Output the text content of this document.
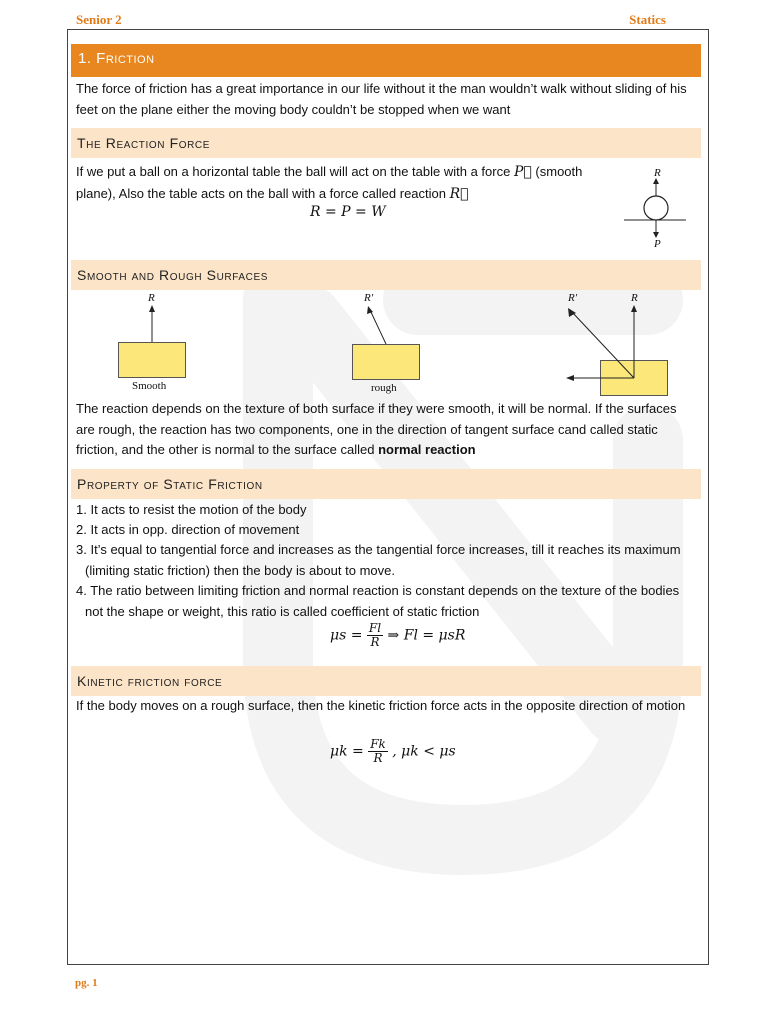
Senior 2	Statics
1. Friction
The force of friction has a great importance in our life without it the man wouldn’t walk without sliding of his feet on the plane either the moving body couldn’t be stopped when we want
The Reaction Force
If we put a ball on a horizontal table the ball will act on the table with a force P⃗ (smooth
plane), Also the table acts on the ball with a force called reaction R⃗
R = P = W
R
P
Smooth and Rough Surfaces
R
Smooth
R′
rough
R′	R
The reaction depends on the texture of both surface if they were smooth, it will be normal. If the surfaces are rough, the reaction has two components, one in the direction of tangent surface cand called static friction, and the other is normal to the surface called normal reaction
Property of Static Friction
1. It acts to resist the motion of the body
2. It acts in opp. direction of movement
3. It’s equal to tangential force and increases as the tangential force increases, till it reaches its maximum
(limiting static friction) then the body is about to move.
4. The ratio between limiting friction and normal reaction is constant depends on the texture of the bodies
not the shape or weight, this ratio is called coefficient of static friction
$\mu s = \frac{Fl}{R}$ ⇒ Fl = μsR
Kinetic friction force
If the body moves on a rough surface, then the kinetic friction force acts in the opposite direction of motion
$\mu k = \frac{Fk}{R}$ , μk < μs
pg. 1
